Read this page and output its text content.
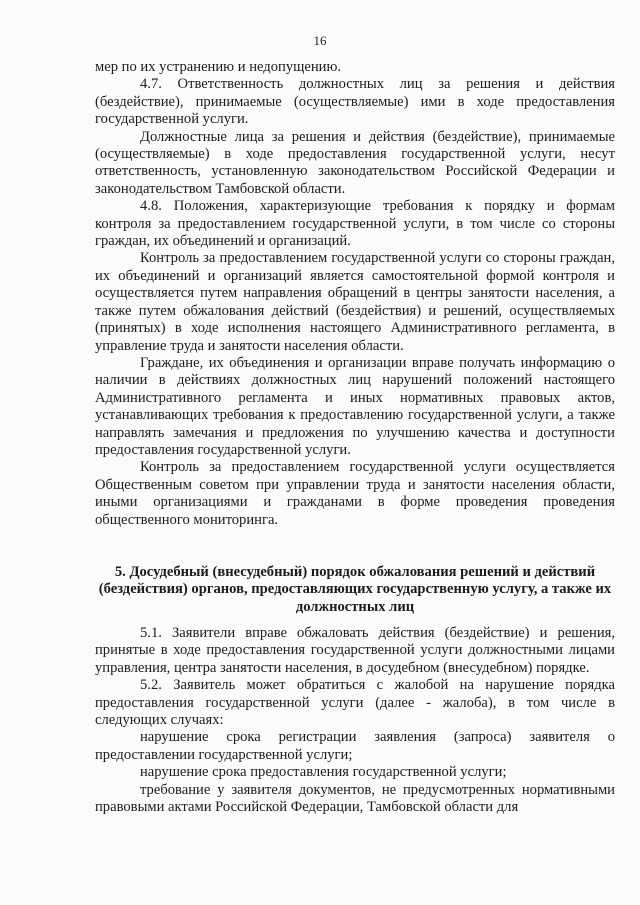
16

мер по их устранению и недопущению.

4.7. Ответственность должностных лиц за решения и действия (бездействие), принимаемые (осуществляемые) ими в ходе предоставления государственной услуги.

Должностные лица за решения и действия (бездействие), принимаемые (осуществляемые) в ходе предоставления государственной услуги, несут ответственность, установленную законодательством Российской Федерации и законодательством Тамбовской области.

4.8. Положения, характеризующие требования к порядку и формам контроля за предоставлением государственной услуги, в том числе со стороны граждан, их объединений и организаций.

Контроль за предоставлением государственной услуги со стороны граждан, их объединений и организаций является самостоятельной формой контроля и осуществляется путем направления обращений в центры занятости населения, а также путем обжалования действий (бездействия) и решений, осуществляемых (принятых) в ходе исполнения настоящего Административного регламента, в управление труда и занятости населения области.

Граждане, их объединения и организации вправе получать информацию о наличии в действиях должностных лиц нарушений положений настоящего Административного регламента и иных нормативных правовых актов, устанавливающих требования к предоставлению государственной услуги, а также направлять замечания и предложения по улучшению качества и доступности предоставления государственной услуги.

Контроль за предоставлением государственной услуги осуществляется Общественным советом при управлении труда и занятости населения области, иными организациями и гражданами в форме проведения проведения общественного мониторинга.

5. Досудебный (внесудебный) порядок обжалования решений и действий (бездействия) органов, предоставляющих государственную услугу, а также их должностных лиц

5.1. Заявители вправе обжаловать действия (бездействие) и решения, принятые в ходе предоставления государственной услуги должностными лицами управления, центра занятости населения, в досудебном (внесудебном) порядке.

5.2. Заявитель может обратиться с жалобой на нарушение порядка предоставления государственной услуги (далее - жалоба), в том числе в следующих случаях:

нарушение срока регистрации заявления (запроса) заявителя о предоставлении государственной услуги;

нарушение срока предоставления государственной услуги;

требование у заявителя документов, не предусмотренных нормативными правовыми актами Российской Федерации, Тамбовской области для
